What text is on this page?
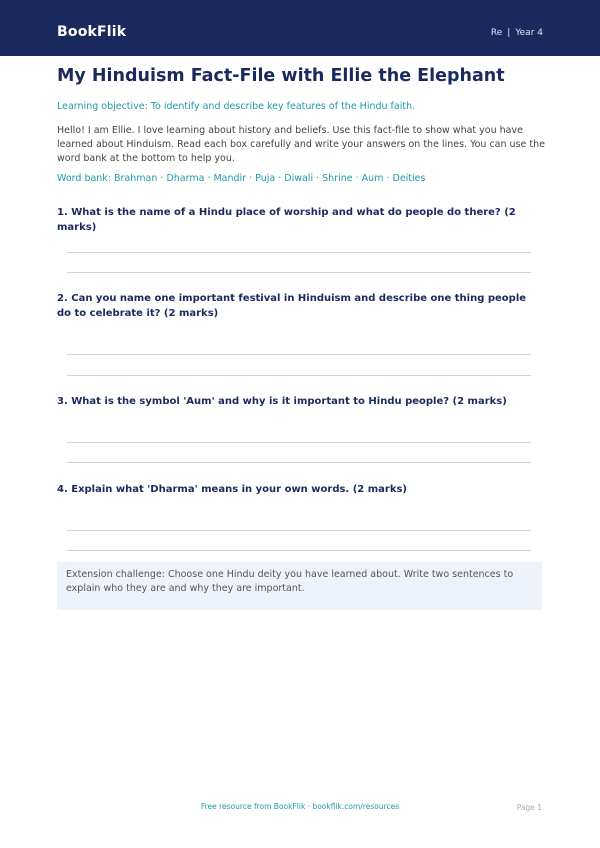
BookFlik	Re | Year 4
My Hinduism Fact-File with Ellie the Elephant
Learning objective: To identify and describe key features of the Hindu faith.
Hello! I am Ellie. I love learning about history and beliefs. Use this fact-file to show what you have learned about Hinduism. Read each box carefully and write your answers on the lines. You can use the word bank at the bottom to help you.
Word bank: Brahman · Dharma · Mandir · Puja · Diwali · Shrine · Aum · Deities
1. What is the name of a Hindu place of worship and what do people do there? (2 marks)
2. Can you name one important festival in Hinduism and describe one thing people do to celebrate it? (2 marks)
3. What is the symbol 'Aum' and why is it important to Hindu people? (2 marks)
4. Explain what 'Dharma' means in your own words. (2 marks)
Extension challenge: Choose one Hindu deity you have learned about. Write two sentences to explain who they are and why they are important.
Free resource from BookFlik · bookflik.com/resources	Page 1
